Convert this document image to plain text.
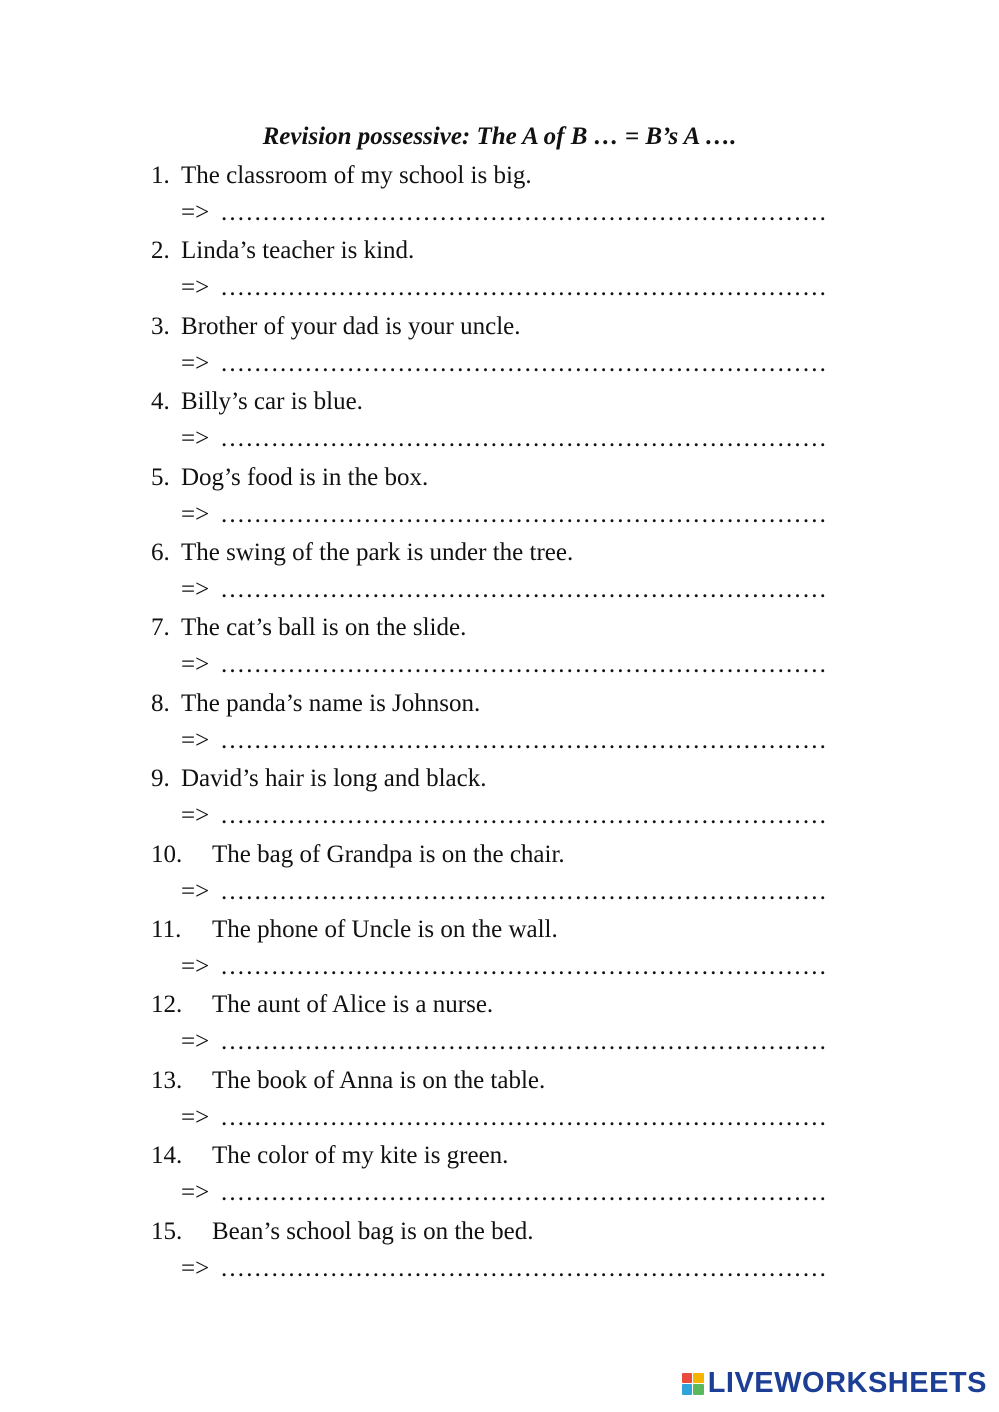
Revision possessive: The A of B … = B’s A ….
1. The classroom of my school is big.
=> ………………………………………………………………
2. Linda’s teacher is kind.
=> ………………………………………………………………
3. Brother of your dad is your uncle.
=> ………………………………………………………………
4. Billy’s car is blue.
=> ………………………………………………………………
5. Dog’s food is in the box.
=> ………………………………………………………………
6. The swing of the park is under the tree.
=> ………………………………………………………………
7. The cat’s ball is on the slide.
=> ………………………………………………………………
8. The panda’s name is Johnson.
=> ………………………………………………………………
9. David’s hair is long and black.
=> ………………………………………………………………
10. The bag of Grandpa is on the chair.
=> ………………………………………………………………
11. The phone of Uncle is on the wall.
=> ………………………………………………………………
12. The aunt of Alice is a nurse.
=> ………………………………………………………………
13. The book of Anna is on the table.
=> ………………………………………………………………
14. The color of my kite is green.
=> ………………………………………………………………
15. Bean’s school bag is on the bed.
=> ………………………………………………………………
LIVEWORKSHEETS
